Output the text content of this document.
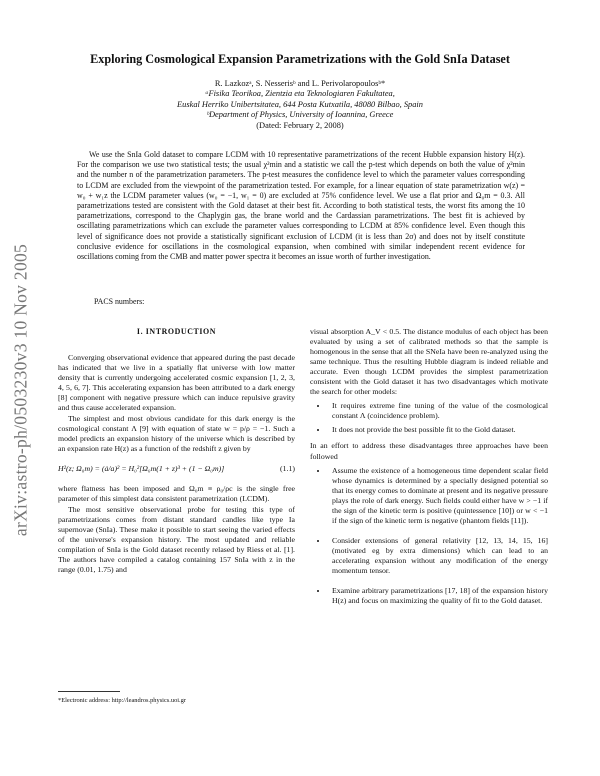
arXiv:astro-ph/0503230v3 10 Nov 2005
Exploring Cosmological Expansion Parametrizations with the Gold SnIa Dataset
R. Lazkozᵃ, S. Nesserisᵇ and L. Perivolaropoulosᵇ*
ᵃFisika Teorikoa, Zientzia eta Teknologiaren Fakultatea,
Euskal Herriko Unibertsitatea, 644 Posta Kutxatila, 48080 Bilbao, Spain
ᵇDepartment of Physics, University of Ioannina, Greece
(Dated: February 2, 2008)

We use the SnIa Gold dataset to compare LCDM with 10 representative parametrizations of the recent Hubble expansion history H(z). For the comparison we use two statistical tests; the usual χ²min and a statistic we call the p-test which depends on both the value of χ²min and the number n of the parametrization parameters. The p-test measures the confidence level to which the parameter values corresponding to LCDM are excluded from the viewpoint of the parametrization tested. For example, for a linear equation of state parametrization w(z) = w₀ + w₁z the LCDM parameter values (w₀ = −1, w₁ = 0) are excluded at 75% confidence level. We use a flat prior and Ω₀m = 0.3. All parametrizations tested are consistent with the Gold dataset at their best fit. According to both statistical tests, the worst fits among the 10 parametrizations, correspond to the Chaplygin gas, the brane world and the Cardassian parametrizations. The best fit is achieved by oscillating parametrizations which can exclude the parameter values corresponding to LCDM at 85% confidence level. Even though this level of significance does not provide a statistically significant exclusion of LCDM (it is less than 2σ) and does not by itself constitute conclusive evidence for oscillations in the cosmological expansion, when combined with similar independent recent evidence for oscillations coming from the CMB and matter power spectra it becomes an issue worth of further investigation.

PACS numbers:
I. INTRODUCTION

Converging observational evidence that appeared during the past decade has indicated that we live in a spatially flat universe with low matter density that is currently undergoing accelerated cosmic expansion [1, 2, 3, 4, 5, 6, 7]. This accelerating expansion has been attributed to a dark energy [8] component with negative pressure which can induce repulsive gravity and thus cause accelerated expansion.

The simplest and most obvious candidate for this dark energy is the cosmological constant Λ [9] with equation of state w = p/ρ = −1. Such a model predicts an expansion history of the universe which is described by an expansion rate H(z) as a function of the redshift z given by

H²(z; Ω₀m) = (ȧ/a)² = H₀²[Ω₀m(1 + z)³ + (1 − Ω₀m)]	(1.1)

where flatness has been imposed and Ω₀m ≡ ρ₀/ρc is the single free parameter of this simplest data consistent parametrization (LCDM).

The most sensitive observational probe for testing this type of parametrizations comes from distant standard candles like type Ia supernovae (SnIa). These make it possible to start seeing the varied effects of the universe's expansion history. The most updated and reliable compilation of SnIa is the Gold dataset recently relased by Riess et al. [1]. The authors have compiled a catalog containing 157 SnIa with z in the range (0.01, 1.75) and

visual absorption A_V < 0.5. The distance modulus of each object has been evaluated by using a set of calibrated methods so that the sample is homogenous in the sense that all the SNeIa have been re-analyzed using the same technique. Thus the resulting Hubble diagram is indeed reliable and accurate. Even though LCDM provides the simplest parametrization consistent with the Gold dataset it has two disadvantages which motivate the search for other models:

• It requires extreme fine tuning of the value of the cosmological constant Λ (coincidence problem).
• It does not provide the best possible fit to the Gold dataset.

In an effort to address these disadvantages three approaches have been followed

• Assume the existence of a homogeneous time dependent scalar field whose dynamics is determined by a specially designed potential so that its energy comes to dominate at present and its negative pressure plays the role of dark energy. Such fields could either have w > −1 if the sign of the kinetic term is positive (quintessence [10]) or w < −1 if the sign of the kinetic term is negative (phantom fields [11]).
• Consider extensions of general relativity [12, 13, 14, 15, 16] (motivated eg by extra dimensions) which can lead to an accelerating expansion without any modification of the energy momentum tensor.
• Examine arbitrary parametrizations [17, 18] of the expansion history H(z) and focus on maximizing the quality of fit to the Gold dataset.
*Electronic address: http://leandros.physics.uoi.gr
